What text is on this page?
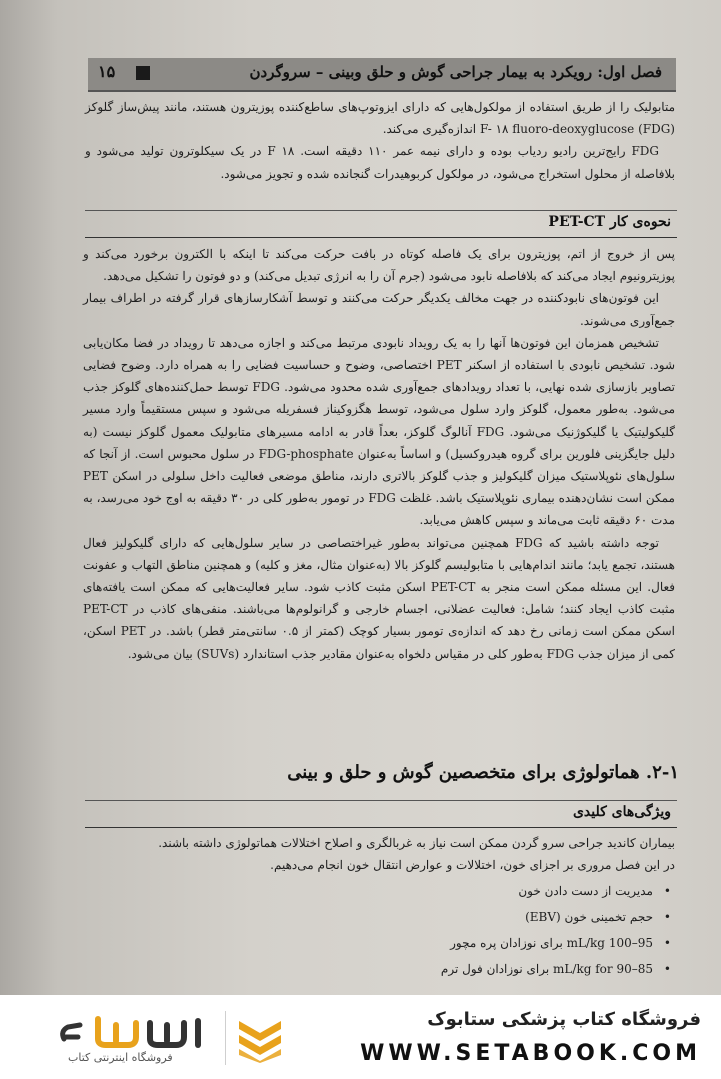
۱۵	فصل اول: رویکرد به بیمار جراحی گوش و حلق وبینی – سروگردن

متابولیک را از طریق استفاده از مولکول‌هایی که دارای ایزوتوپ‌های ساطع‌کننده پوزیترون هستند، مانند پیش‌ساز گلوکز F- ۱۸ fluoro-deoxyglucose (FDG) اندازه‌گیری می‌کند.

FDG رایج‌ترین رادیو ردیاب بوده و دارای نیمه عمر ۱۱۰ دقیقه است. F ۱۸ در یک سیکلوترون تولید می‌شود و بلافاصله از محلول استخراج می‌شود، در مولکول کربوهیدرات گنجانده شده و تجویز می‌شود.

نحوه‌ی کار PET-CT

پس از خروج از اتم، پوزیترون برای یک فاصله کوتاه در بافت حرکت می‌کند تا اینکه با الکترون برخورد می‌کند و پوزیترونیوم ایجاد می‌کند که بلافاصله نابود می‌شود (جرم آن را به انرژی تبدیل می‌کند) و دو فوتون را تشکیل می‌دهد.

این فوتون‌های نابودکننده در جهت مخالف یکدیگر حرکت می‌کنند و توسط آشکارسازهای قرار گرفته در اطراف بیمار جمع‌آوری می‌شوند.

تشخیص همزمان این فوتون‌ها آنها را به یک رویداد نابودی مرتبط می‌کند و اجازه می‌دهد تا رویداد در فضا مکان‌یابی شود. تشخیص نابودی با استفاده از اسکنر PET اختصاصی، وضوح و حساسیت فضایی را به همراه دارد. وضوح فضایی تصاویر بازسازی شده نهایی، با تعداد رویدادهای جمع‌آوری شده محدود می‌شود. FDG توسط حمل‌کننده‌های گلوکز جذب می‌شود. به‌طور معمول، گلوکز وارد سلول می‌شود، توسط هگزوکیناز فسفریله می‌شود و سپس مستقیماً وارد مسیر گلیکولیتیک یا گلیکوژنیک می‌شود. FDG آنالوگ گلوکز، بعداً قادر به ادامه مسیرهای متابولیک معمول گلوکز نیست (به دلیل جایگزینی فلورین برای گروه هیدروکسیل) و اساساً به‌عنوان FDG-phosphate در سلول محبوس است. از آنجا که سلول‌های نئوپلاستیک میزان گلیکولیز و جذب گلوکز بالاتری دارند، مناطق موضعی فعالیت داخل سلولی در اسکن PET ممکن است نشان‌دهنده بیماری نئوپلاستیک باشد. غلظت FDG در تومور به‌طور کلی در ۳۰ دقیقه به اوج خود می‌رسد، به مدت ۶۰ دقیقه ثابت می‌ماند و سپس کاهش می‌یابد.

توجه داشته باشید که FDG همچنین می‌تواند به‌طور غیراختصاصی در سایر سلول‌هایی که دارای گلیکولیز فعال هستند، تجمع یابد؛ مانند اندام‌هایی با متابولیسم گلوکز بالا (به‌عنوان مثال، مغز و کلیه) و همچنین مناطق التهاب و عفونت فعال. این مسئله ممکن است منجر به PET-CT اسکن مثبت کاذب شود. سایر فعالیت‌هایی که ممکن است یافته‌های مثبت کاذب ایجاد کنند؛ شامل: فعالیت عضلانی، اجسام خارجی و گرانولوم‌ها می‌باشند. منفی‌های کاذب در PET-CT اسکن ممکن است زمانی رخ دهد که اندازه‌ی تومور بسیار کوچک (کمتر از ۰.۵ سانتی‌متر قطر) باشد. در PET اسکن، کمی از میزان جذب FDG به‌طور کلی در مقیاس دلخواه به‌عنوان مقادیر جذب استاندارد (SUVs) بیان می‌شود.

۲-۱. هماتولوژی برای متخصصین گوش و حلق و بینی
ویژگی‌های کلیدی

بیماران کاندید جراحی سرو گردن ممکن است نیاز به غربالگری و اصلاح اختلالات هماتولوژی داشته باشند.

در این فصل مروری بر اجزای خون، اختلالات و عوارض انتقال خون انجام می‌دهیم.

• مدیریت از دست دادن خون
• حجم تخمینی خون (EBV)
• 95–100 mL/kg برای نوزادان پره مچور
• 85–90 mL/kg for برای نوزادان فول ترم
فروشگاه کتاب پزشکی ستابوک
WWW.SETABOOK.COM
فروشگاه اینترنتی کتاب
